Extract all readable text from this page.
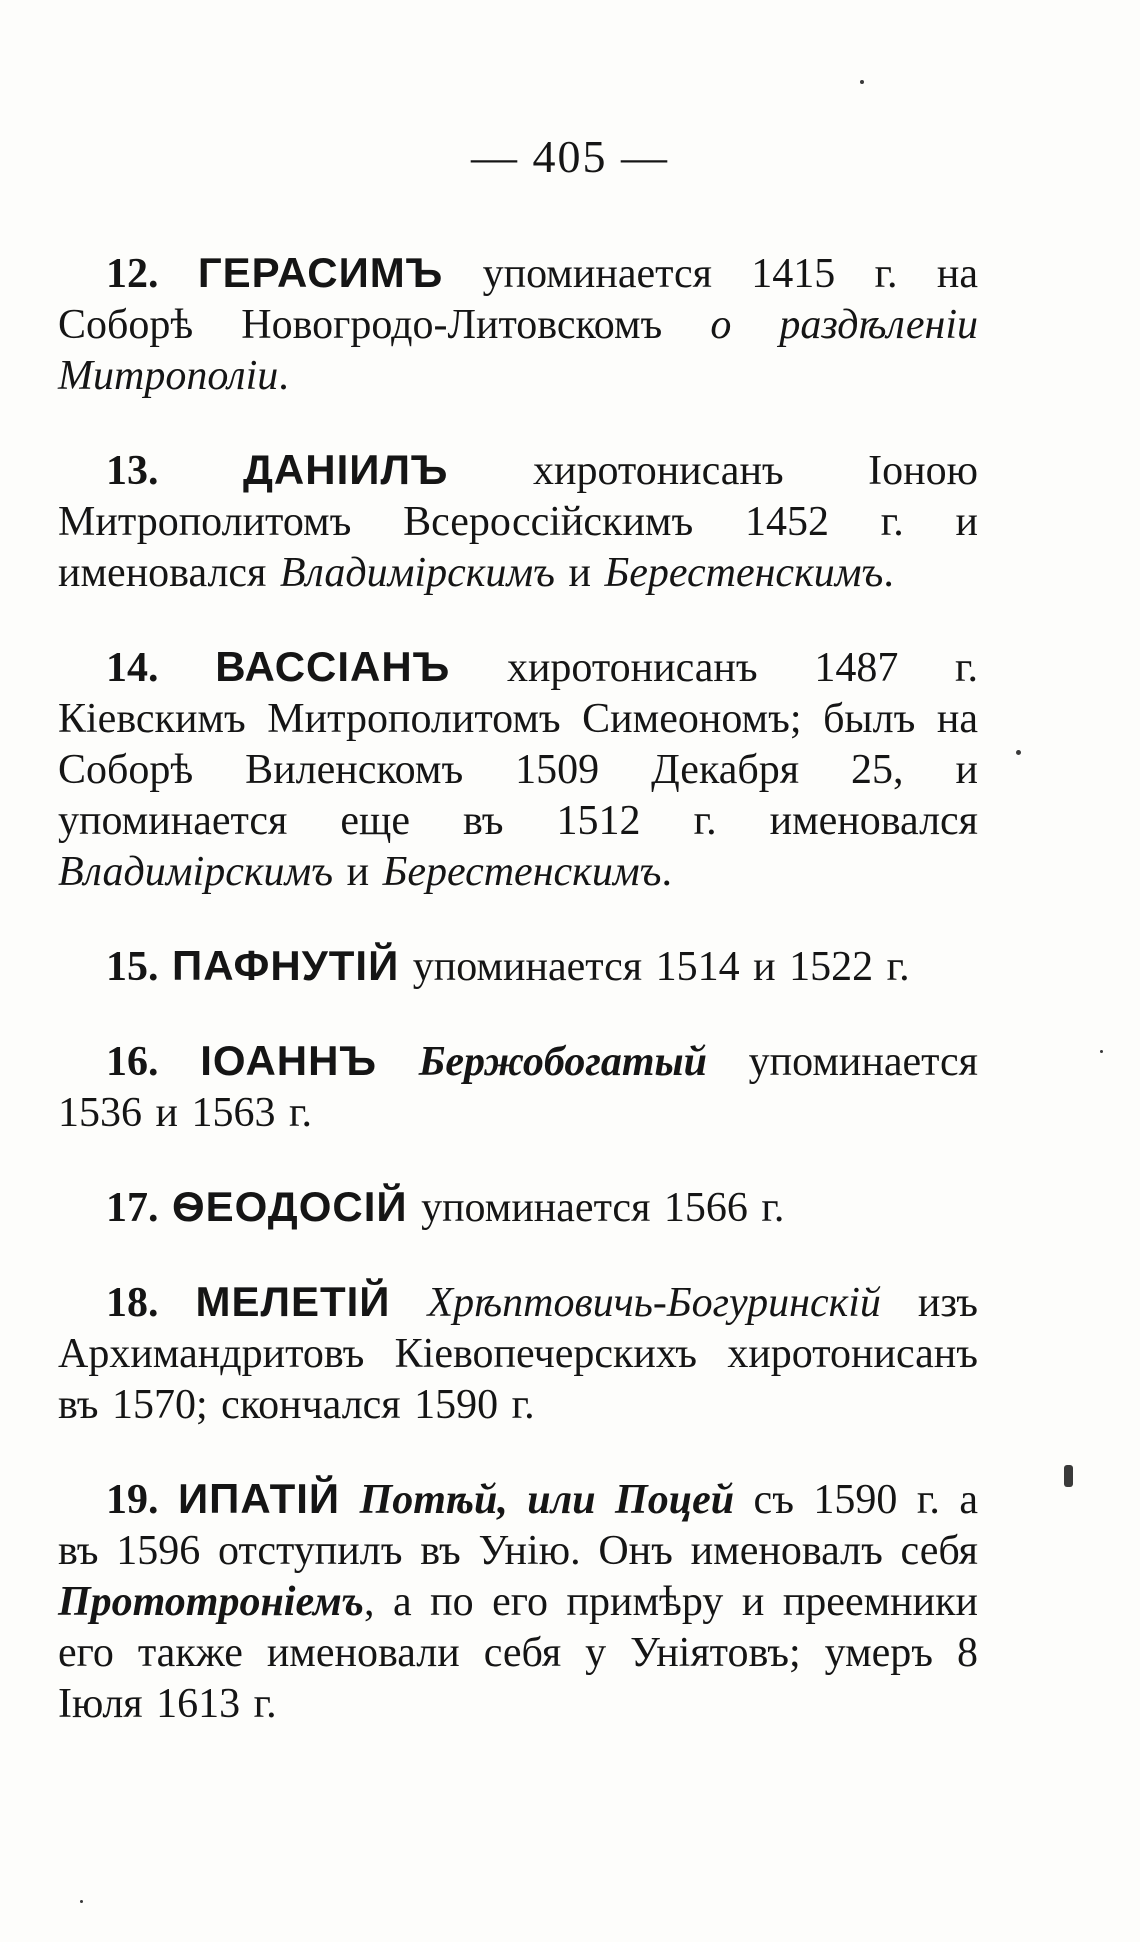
— 405 —

12. ГЕРАСИМЪ упоминается 1415 г. на Соборѣ Новогродо-Литовскомъ о раздѣленіи Митрополіи.

13. ДАНІИЛЪ хиротонисанъ Іоною Митрополитомъ Всероссійскимъ 1452 г. и именовался Владимірскимъ и Берестенскимъ.

14. ВАССІАНЪ хиротонисанъ 1487 г. Кіевскимъ Митрополитомъ Симеономъ; былъ на Соборѣ Виленскомъ 1509 Декабря 25, и упоминается еще въ 1512 г. именовался Владимірскимъ и Берестенскимъ.

15. ПАФНУТІЙ упоминается 1514 и 1522 г.

16. ІОАННЪ Бержобогатый упоминается 1536 и 1563 г.

17. ѲЕОДОСІЙ упоминается 1566 г.

18. МЕЛЕТІЙ Хрѣптовичь-Богуринскій изъ Архимандритовъ Кіевопечерскихъ хиротонисанъ въ 1570; скончался 1590 г.

19. ИПАТІЙ Потѣй, или Поцей съ 1590 г. а въ 1596 отступилъ въ Унію. Онъ именовалъ себя Прототроніемъ, а по его примѣру и преемники его также именовали себя у Уніятовъ; умеръ 8 Іюля 1613 г.
